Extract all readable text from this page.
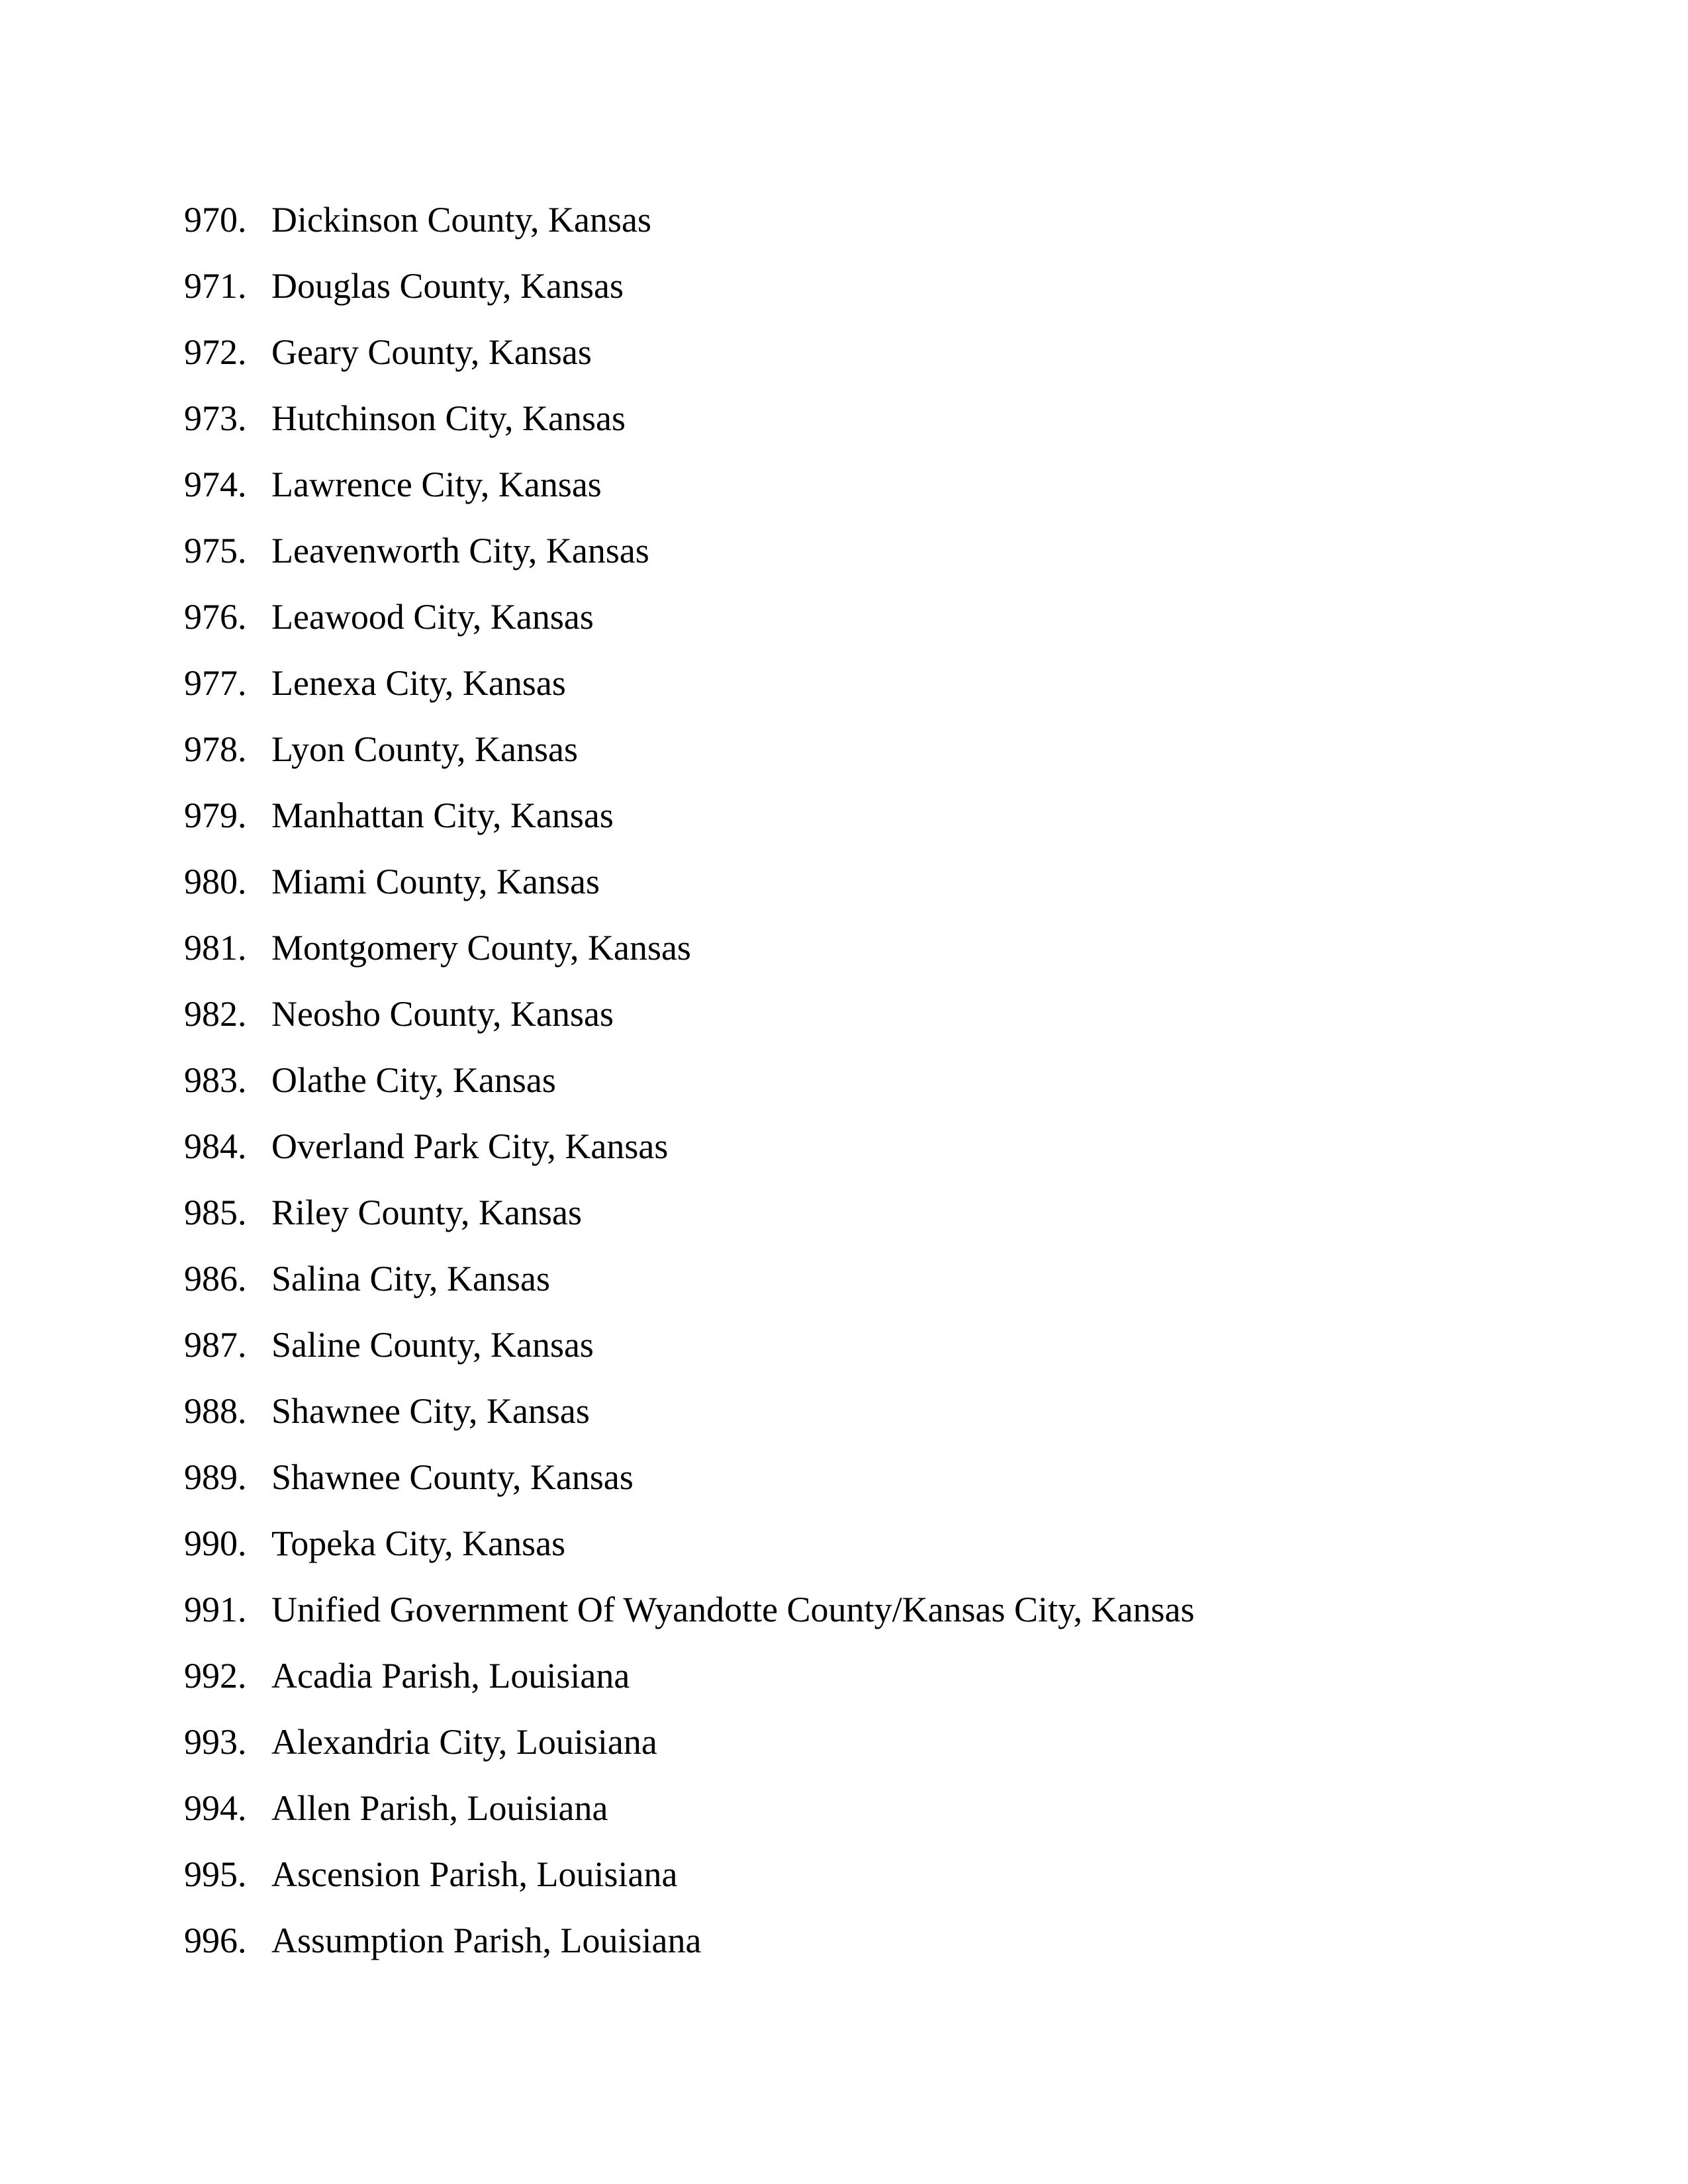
970. Dickinson County, Kansas
971. Douglas County, Kansas
972. Geary County, Kansas
973. Hutchinson City, Kansas
974. Lawrence City, Kansas
975. Leavenworth City, Kansas
976. Leawood City, Kansas
977. Lenexa City, Kansas
978. Lyon County, Kansas
979. Manhattan City, Kansas
980. Miami County, Kansas
981. Montgomery County, Kansas
982. Neosho County, Kansas
983. Olathe City, Kansas
984. Overland Park City, Kansas
985. Riley County, Kansas
986. Salina City, Kansas
987. Saline County, Kansas
988. Shawnee City, Kansas
989. Shawnee County, Kansas
990. Topeka City, Kansas
991. Unified Government Of Wyandotte County/Kansas City, Kansas
992. Acadia Parish, Louisiana
993. Alexandria City, Louisiana
994. Allen Parish, Louisiana
995. Ascension Parish, Louisiana
996. Assumption Parish, Louisiana
